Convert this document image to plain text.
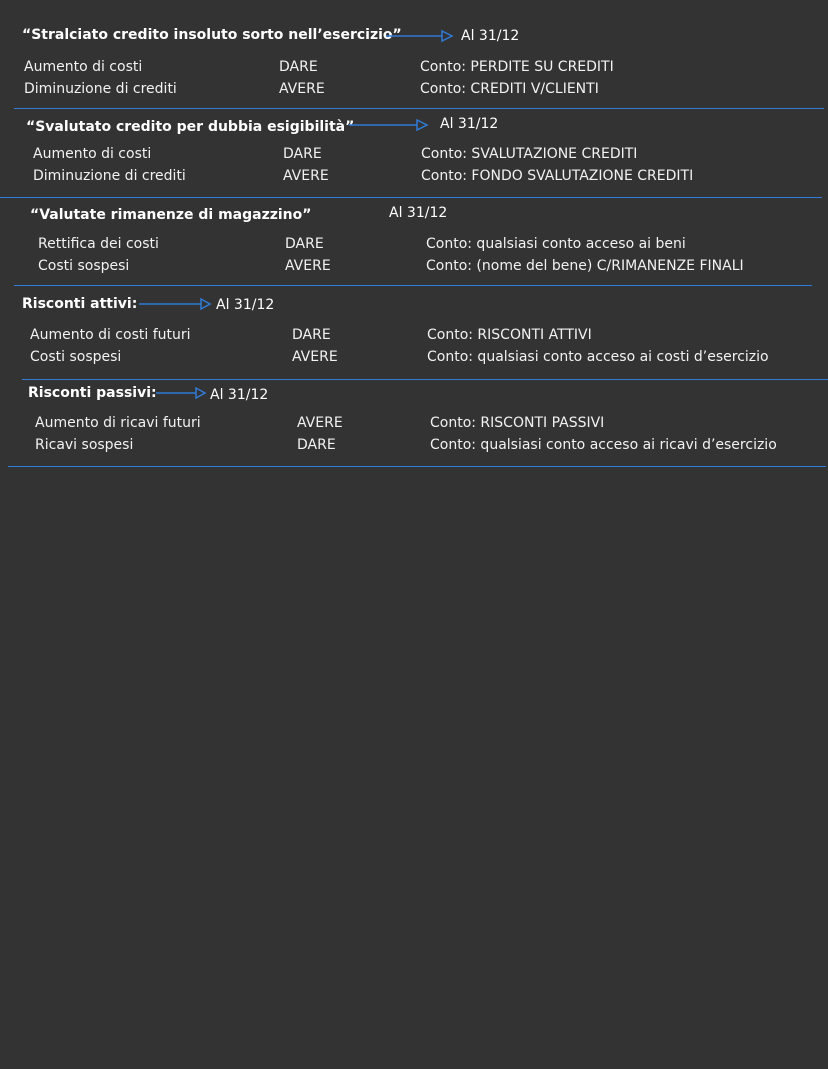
“Stralciato credito insoluto sorto nell’esercizio”	Al 31/12
Aumento di costi	DARE	Conto: PERDITE SU CREDITI
Diminuzione di crediti	AVERE	Conto: CREDITI V/CLIENTI
“Svalutato credito per dubbia esigibilità”	Al 31/12
Aumento di costi	DARE	Conto: SVALUTAZIONE CREDITI
Diminuzione di crediti	AVERE	Conto: FONDO SVALUTAZIONE CREDITI
“Valutate rimanenze di magazzino”	Al 31/12
Rettifica dei costi	DARE	Conto: qualsiasi conto acceso ai beni
Costi sospesi	AVERE	Conto: (nome del bene) C/RIMANENZE FINALI
Risconti attivi:	Al 31/12
Aumento di costi futuri	DARE	Conto: RISCONTI ATTIVI
Costi sospesi	AVERE	Conto: qualsiasi conto acceso ai costi d’esercizio
Risconti passivi:	Al 31/12
Aumento di ricavi futuri	AVERE	Conto: RISCONTI PASSIVI
Ricavi sospesi	DARE	Conto: qualsiasi conto acceso ai ricavi d’esercizio
